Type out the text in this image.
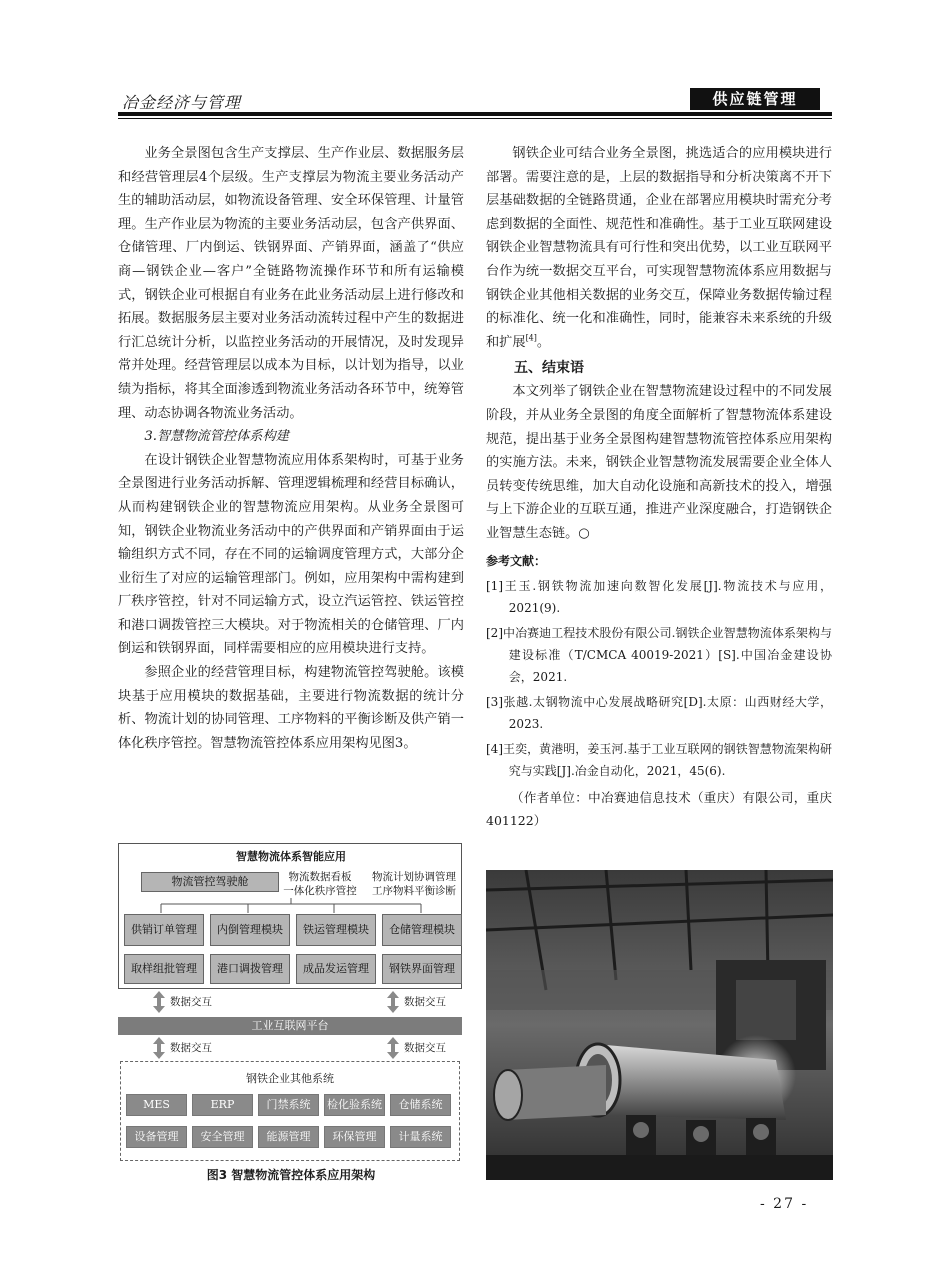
冶金经济与管理	供应链管理

业务全景图包含生产支撑层、生产作业层、数据服务层和经营管理层4个层级。生产支撑层为物流主要业务活动产生的辅助活动层，如物流设备管理、安全环保管理、计量管理。生产作业层为物流的主要业务活动层，包含产供界面、仓储管理、厂内倒运、铁钢界面、产销界面，涵盖了“供应商—钢铁企业—客户”全链路物流操作环节和所有运输模式，钢铁企业可根据自有业务在此业务活动层上进行修改和拓展。数据服务层主要对业务活动流转过程中产生的数据进行汇总统计分析，以监控业务活动的开展情况，及时发现异常并处理。经营管理层以成本为目标，以计划为指导，以业绩为指标，将其全面渗透到物流业务活动各环节中，统筹管理、动态协调各物流业务活动。

3.智慧物流管控体系构建

在设计钢铁企业智慧物流应用体系架构时，可基于业务全景图进行业务活动拆解、管理逻辑梳理和经营目标确认，从而构建钢铁企业的智慧物流应用架构。从业务全景图可知，钢铁企业物流业务活动中的产供界面和产销界面由于运输组织方式不同，存在不同的运输调度管理方式，大部分企业衍生了对应的运输管理部门。例如，应用架构中需构建到厂秩序管控，针对不同运输方式，设立汽运管控、铁运管控和港口调拨管控三大模块。对于物流相关的仓储管理、厂内倒运和铁钢界面，同样需要相应的应用模块进行支持。

参照企业的经营管理目标，构建物流管控驾驶舱。该模块基于应用模块的数据基础，主要进行物流数据的统计分析、物流计划的协同管理、工序物料的平衡诊断及供产销一体化秩序管控。智慧物流管控体系应用架构见图3。

智慧物流体系智能应用
物流管控驾驶舱	物流数据看板
一体化秩序管控
物流计划协调管理
工序物料平衡诊断
供销订单管理	内倒管理模块	铁运管理模块	仓储管理模块
取样组批管理	港口调拨管理	成品发运管理	钢铁界面管理
数据交互	数据交互
工业互联网平台
数据交互	数据交互
钢铁企业其他系统
MES	ERP	门禁系统	检化验系统	仓储系统
设备管理	安全管理	能源管理	环保管理	计量系统
图3 智慧物流管控体系应用架构

钢铁企业可结合业务全景图，挑选适合的应用模块进行部署。需要注意的是，上层的数据指导和分析决策离不开下层基础数据的全链路贯通，企业在部署应用模块时需充分考虑到数据的全面性、规范性和准确性。基于工业互联网建设钢铁企业智慧物流具有可行性和突出优势，以工业互联网平台作为统一数据交互平台，可实现智慧物流体系应用数据与钢铁企业其他相关数据的业务交互，保障业务数据传输过程的标准化、统一化和准确性，同时，能兼容未来系统的升级和扩展[4]。

五、结束语

本文列举了钢铁企业在智慧物流建设过程中的不同发展阶段，并从业务全景图的角度全面解析了智慧物流体系建设规范，提出基于业务全景图构建智慧物流管控体系应用架构的实施方法。未来，钢铁企业智慧物流发展需要企业全体人员转变传统思维，加大自动化设施和高新技术的投入，增强与上下游企业的互联互通，推进产业深度融合，打造钢铁企业智慧生态链。○

参考文献：
[1]王玉.钢铁物流加速向数智化发展[J].物流技术与应用，2021(9).
[2]中冶赛迪工程技术股份有限公司.钢铁企业智慧物流体系架构与建设标准（T/CMCA 40019-2021）[S].中国冶金建设协会，2021.
[3]张越.太钢物流中心发展战略研究[D].太原：山西财经大学，2023.
[4]王奕，黄港明，姜玉河.基于工业互联网的钢铁智慧物流架构研究与实践[J].冶金自动化，2021，45(6).

（作者单位：中冶赛迪信息技术（重庆）有限公司，重庆 401122）

- 27 -
